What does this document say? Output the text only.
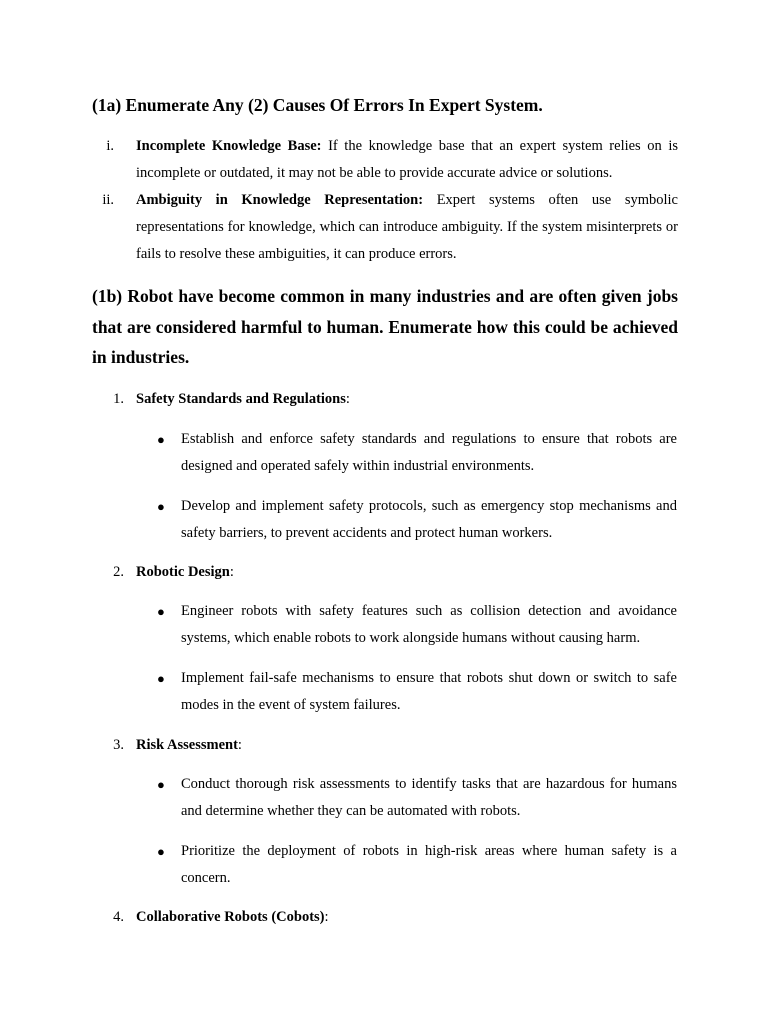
(1a) Enumerate Any (2) Causes Of Errors In Expert System.
i. Incomplete Knowledge Base: If the knowledge base that an expert system relies on is incomplete or outdated, it may not be able to provide accurate advice or solutions.

ii. Ambiguity in Knowledge Representation: Expert systems often use symbolic representations for knowledge, which can introduce ambiguity. If the system misinterprets or fails to resolve these ambiguities, it can produce errors.

(1b) Robot have become common in many industries and are often given jobs that are considered harmful to human. Enumerate how this could be achieved in industries.
1. Safety Standards and Regulations:

● Establish and enforce safety standards and regulations to ensure that robots are designed and operated safely within industrial environments.

● Develop and implement safety protocols, such as emergency stop mechanisms and safety barriers, to prevent accidents and protect human workers.

2. Robotic Design:

● Engineer robots with safety features such as collision detection and avoidance systems, which enable robots to work alongside humans without causing harm.

● Implement fail-safe mechanisms to ensure that robots shut down or switch to safe modes in the event of system failures.

3. Risk Assessment:

● Conduct thorough risk assessments to identify tasks that are hazardous for humans and determine whether they can be automated with robots.

● Prioritize the deployment of robots in high-risk areas where human safety is a concern.

4. Collaborative Robots (Cobots):
